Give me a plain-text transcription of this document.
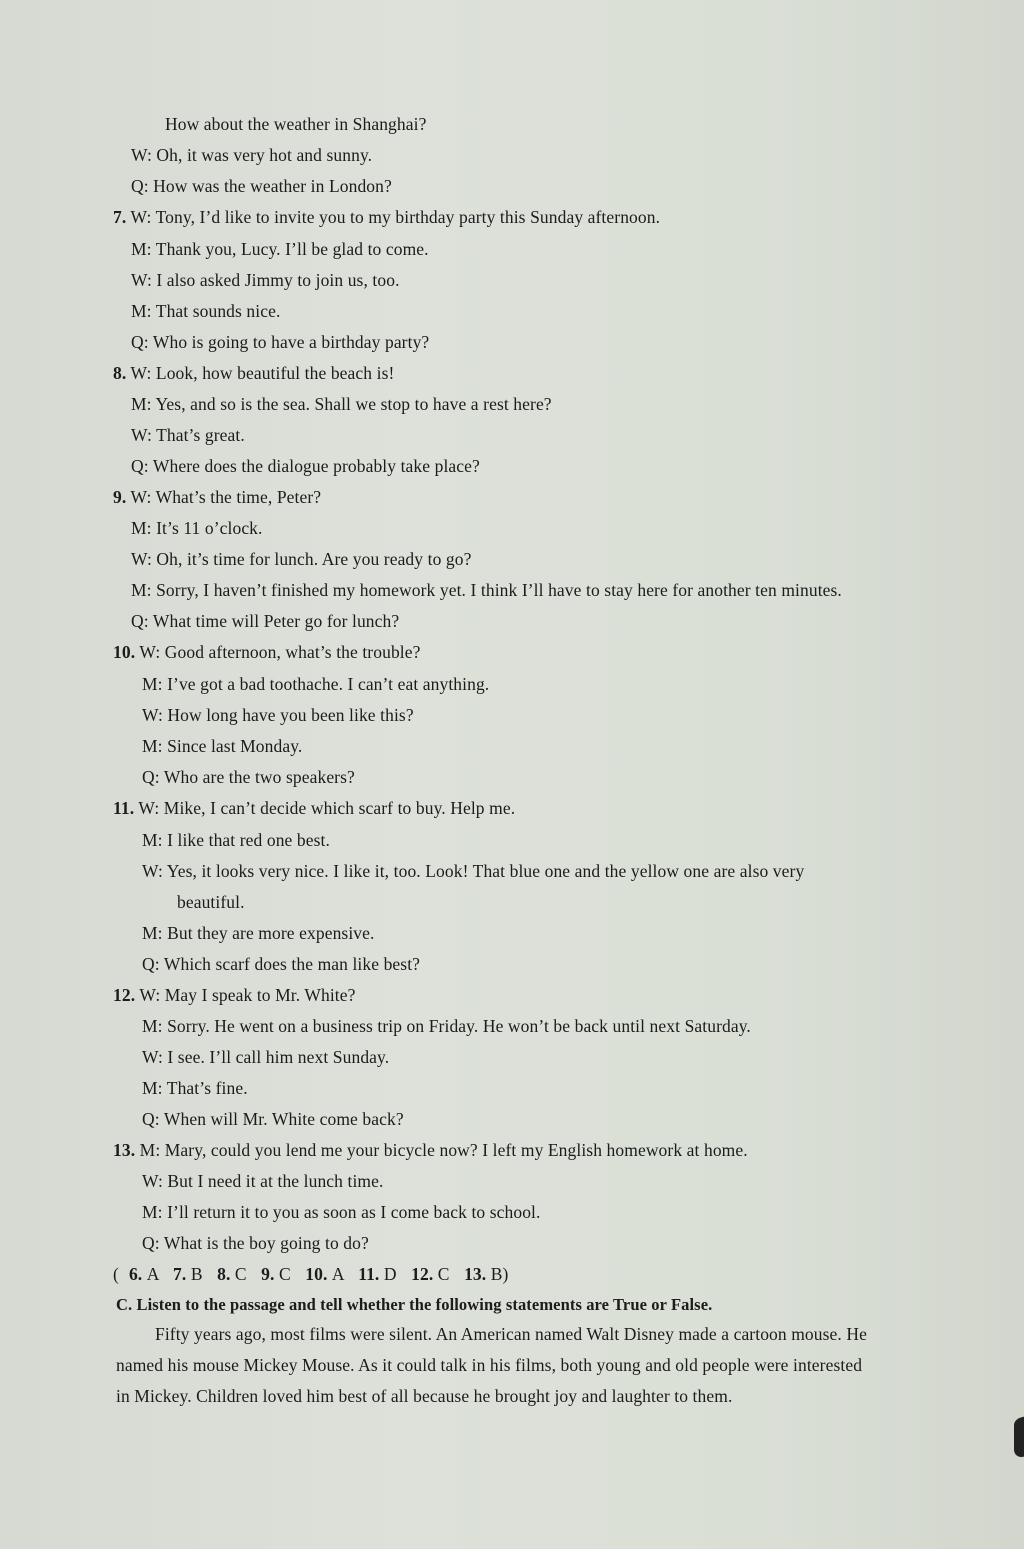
How about the weather in Shanghai?
W: Oh, it was very hot and sunny.
Q: How was the weather in London?
7. W: Tony, I’d like to invite you to my birthday party this Sunday afternoon.
M: Thank you, Lucy. I’ll be glad to come.
W: I also asked Jimmy to join us, too.
M: That sounds nice.
Q: Who is going to have a birthday party?
8. W: Look, how beautiful the beach is!
M: Yes, and so is the sea. Shall we stop to have a rest here?
W: That’s great.
Q: Where does the dialogue probably take place?
9. W: What’s the time, Peter?
M: It’s 11 o’clock.
W: Oh, it’s time for lunch. Are you ready to go?
M: Sorry, I haven’t finished my homework yet. I think I’ll have to stay here for another ten minutes.
Q: What time will Peter go for lunch?
10. W: Good afternoon, what’s the trouble?
M: I’ve got a bad toothache. I can’t eat anything.
W: How long have you been like this?
M: Since last Monday.
Q: Who are the two speakers?
11. W: Mike, I can’t decide which scarf to buy. Help me.
M: I like that red one best.
W: Yes, it looks very nice. I like it, too. Look! That blue one and the yellow one are also very
beautiful.
M: But they are more expensive.
Q: Which scarf does the man like best?
12. W: May I speak to Mr. White?
M: Sorry. He went on a business trip on Friday. He won’t be back until next Saturday.
W: I see. I’ll call him next Sunday.
M: That’s fine.
Q: When will Mr. White come back?
13. M: Mary, could you lend me your bicycle now? I left my English homework at home.
W: But I need it at the lunch time.
M: I’ll return it to you as soon as I come back to school.
Q: What is the boy going to do?
( 6. A 7. B 8. C 9. C 10. A 11. D 12. C 13. B)
C. Listen to the passage and tell whether the following statements are True or False.
Fifty years ago, most films were silent. An American named Walt Disney made a cartoon mouse. He
named his mouse Mickey Mouse. As it could talk in his films, both young and old people were interested
in Mickey. Children loved him best of all because he brought joy and laughter to them.
